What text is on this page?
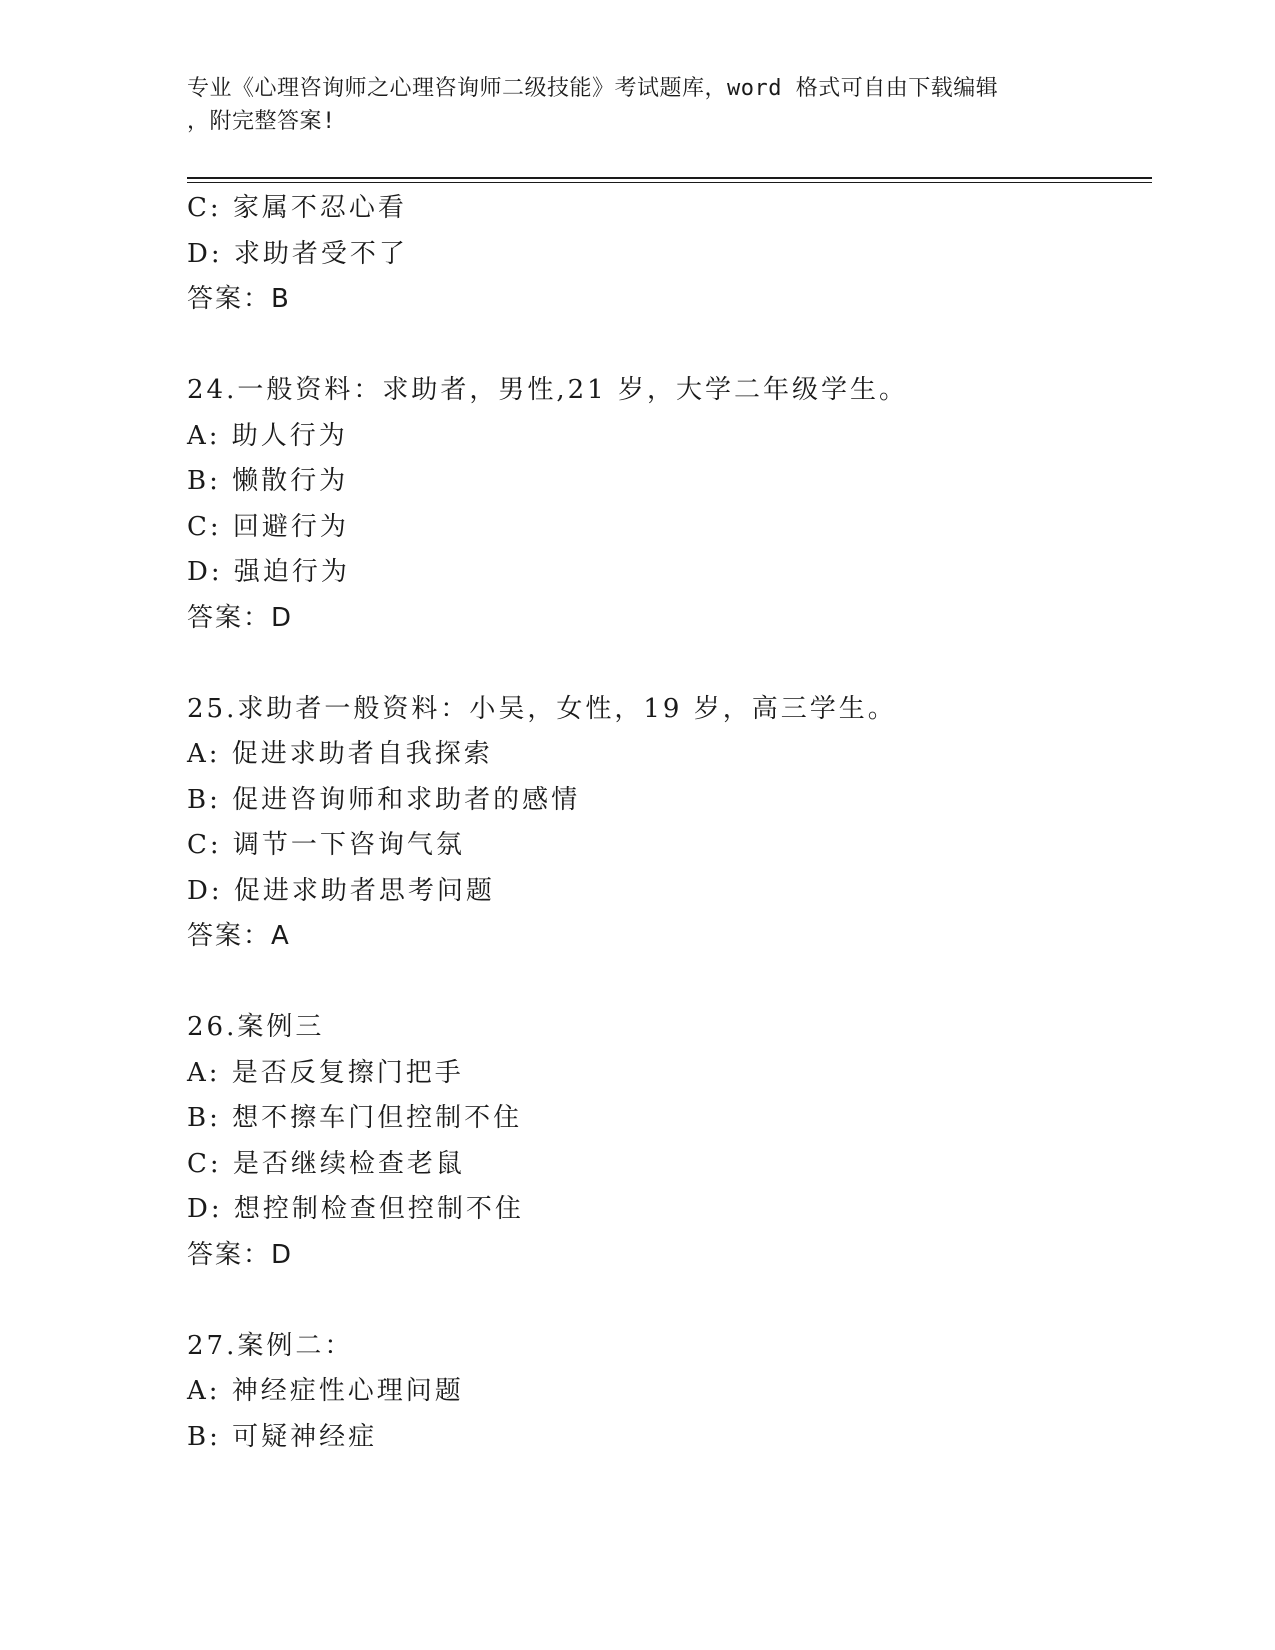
专业《心理咨询师之心理咨询师二级技能》考试题库，word 格式可自由下载编辑
，附完整答案!
C: 家属不忍心看
D: 求助者受不了
答案：B
24.一般资料：求助者，男性,21 岁，大学二年级学生。
A: 助人行为
B: 懒散行为
C: 回避行为
D: 强迫行为
答案：D
25.求助者一般资料：小吴，女性，19 岁，高三学生。
A: 促进求助者自我探索
B: 促进咨询师和求助者的感情
C: 调节一下咨询气氛
D: 促进求助者思考问题
答案：A
26.案例三
A: 是否反复擦门把手
B: 想不擦车门但控制不住
C: 是否继续检查老鼠
D: 想控制检查但控制不住
答案：D
27.案例二：
A: 神经症性心理问题
B: 可疑神经症
